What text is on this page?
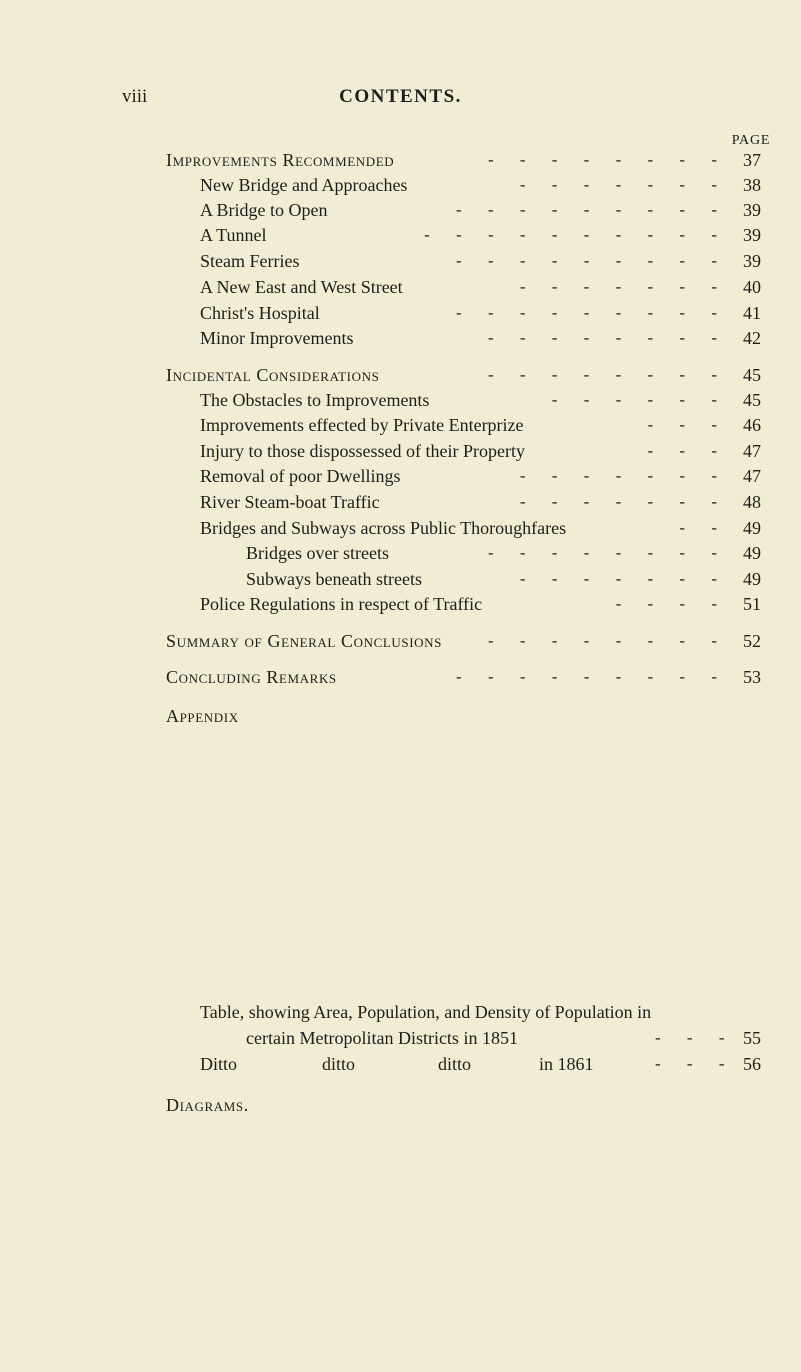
viii	CONTENTS.
PAGE
Improvements Recommended	- - - - - - - - 37
New Bridge and Approaches	- - - - - - - 38
A Bridge to Open	- - - - - - - - - 39
A Tunnel	- - - - - - - - - - 39
Steam Ferries	- - - - - - - - - 39
A New East and West Street	- - - - - - - 40
Christ's Hospital	- - - - - - - - - 41
Minor Improvements	- - - - - - - - 42
Incidental Considerations	- - - - - - - - 45
The Obstacles to Improvements	- - - - - - 45
Improvements effected by Private Enterprize	- - - 46
Injury to those dispossessed of their Property	- - - 47
Removal of poor Dwellings	- - - - - - - 47
River Steam-boat Traffic	- - - - - - - 48
Bridges and Subways across Public Thoroughfares	- - 49
Bridges over streets	- - - - - - - - 49
Subways beneath streets	- - - - - - - 49
Police Regulations in respect of Traffic	- - - - 51
Summary of General Conclusions	- - - - - - - - 52
Concluding Remarks	- - - - - - - - - 53
Appendix
Table, showing Area, Population, and Density of Population in
certain Metropolitan Districts in 1851	- - - 55
Ditto	ditto	ditto	in 1861	- - - 56
Diagrams.
